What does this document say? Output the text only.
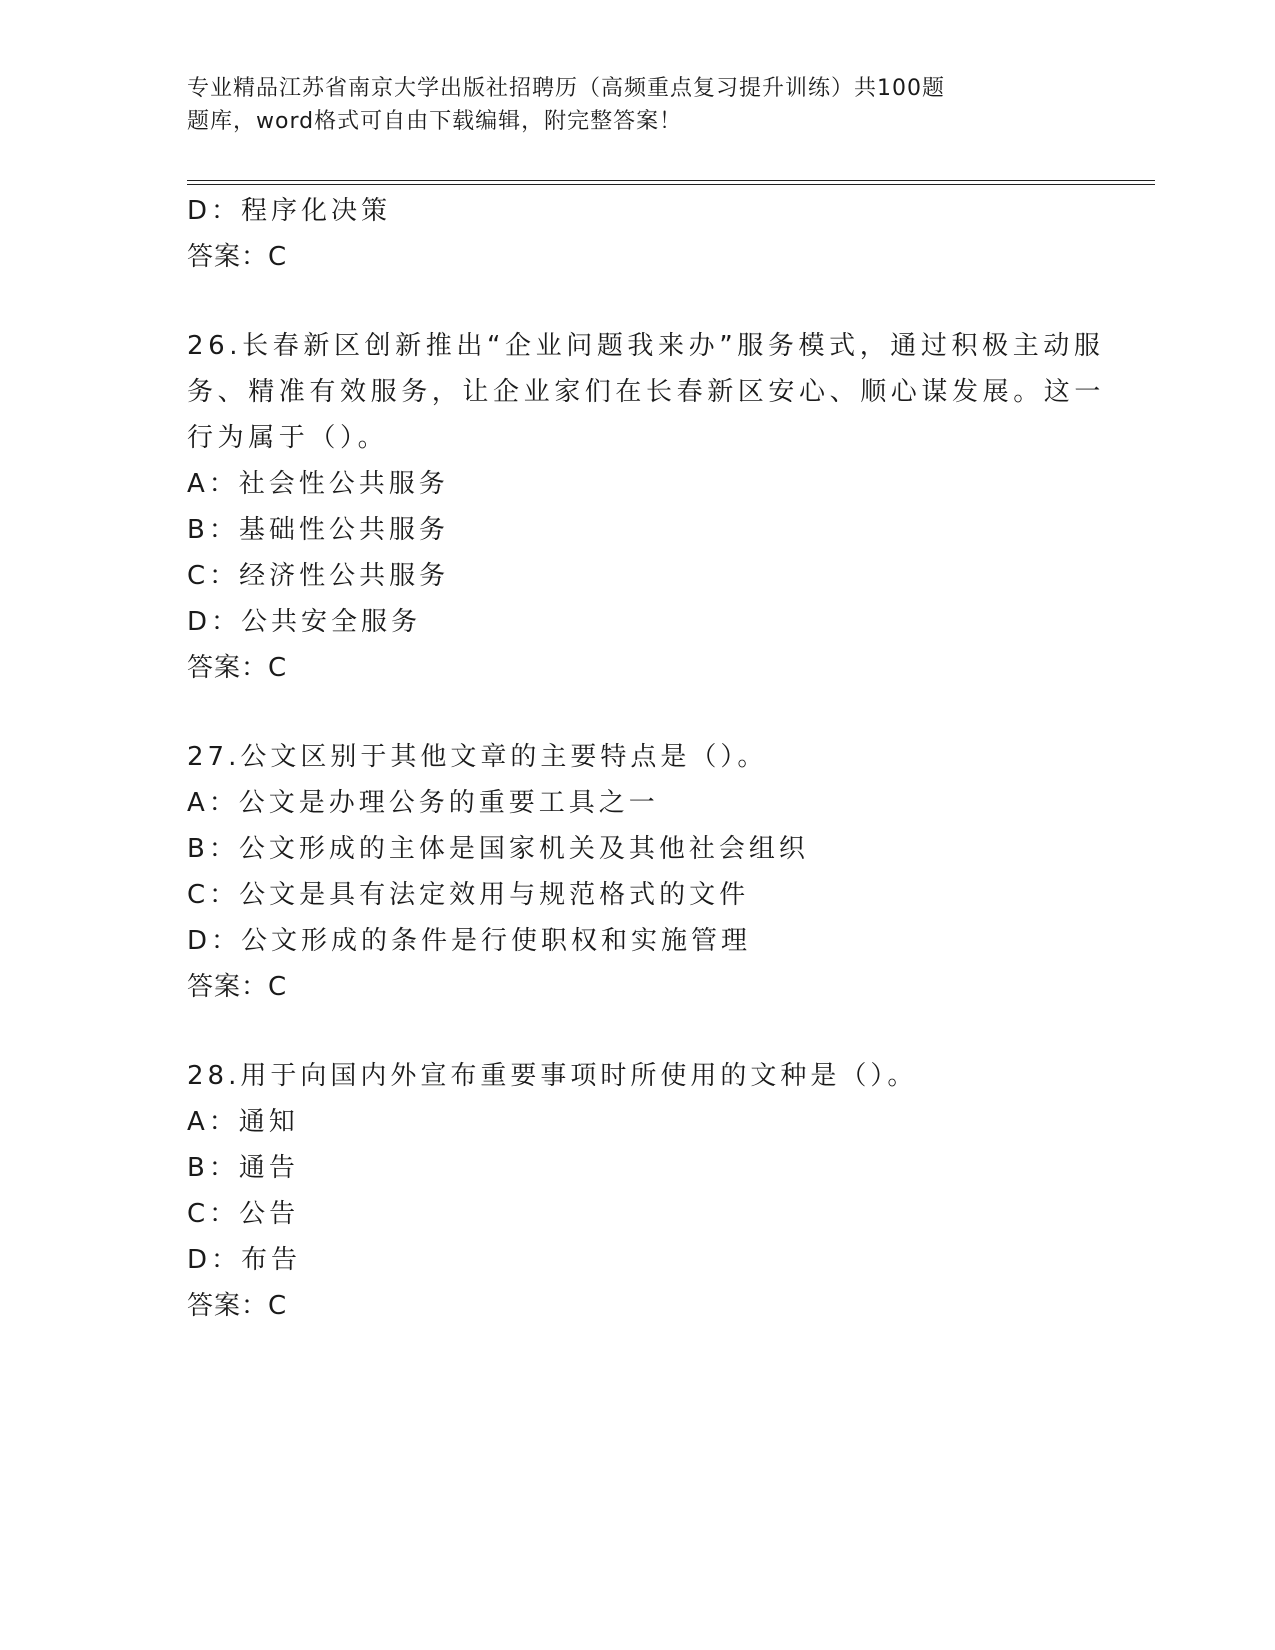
专业精品江苏省南京大学出版社招聘历（高频重点复习提升训练）共100题
题库，word格式可自由下载编辑，附完整答案！
D：程序化决策
答案：C
26.长春新区创新推出“企业问题我来办”服务模式，通过积极主动服
务、精准有效服务，让企业家们在长春新区安心、顺心谋发展。这一
行为属于（）。
A：社会性公共服务
B：基础性公共服务
C：经济性公共服务
D：公共安全服务
答案：C
27.公文区别于其他文章的主要特点是（）。
A：公文是办理公务的重要工具之一
B：公文形成的主体是国家机关及其他社会组织
C：公文是具有法定效用与规范格式的文件
D：公文形成的条件是行使职权和实施管理
答案：C
28.用于向国内外宣布重要事项时所使用的文种是（）。
A：通知
B：通告
C：公告
D：布告
答案：C
